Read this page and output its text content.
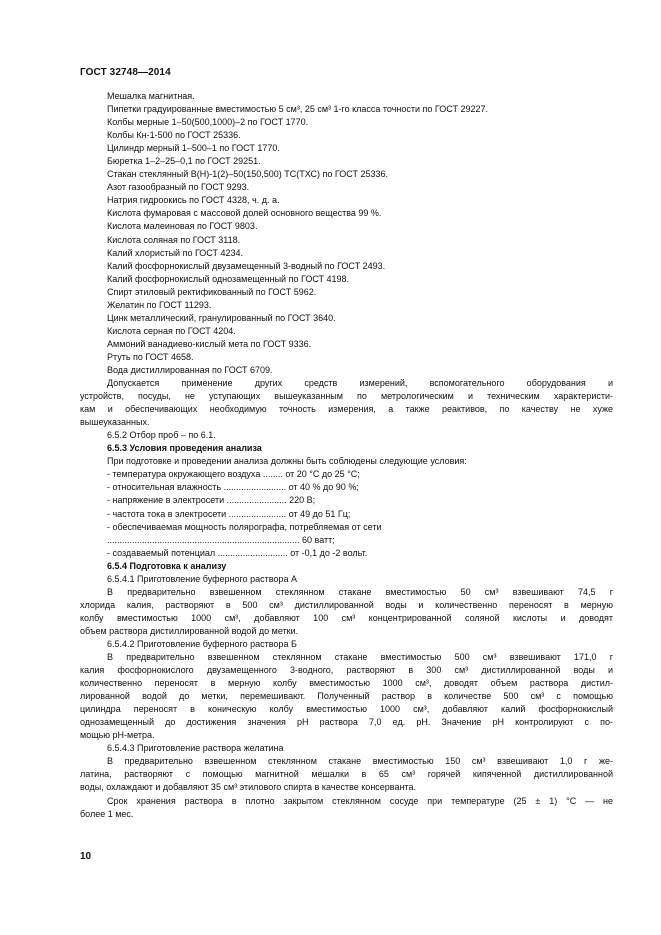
ГОСТ 32748—2014
Мешалка магнитная.
Пипетки градуированные вместимостью 5 см³, 25 см³ 1-го класса точности по ГОСТ 29227.
Колбы мерные 1–50(500,1000)–2 по ГОСТ 1770.
Колбы Кн-1-500 по ГОСТ 25336.
Цилиндр мерный 1–500–1 по ГОСТ 1770.
Бюретка 1–2–25–0,1 по ГОСТ 29251.
Стакан стеклянный В(Н)-1(2)–50(150,500) ТС(ТХС) по ГОСТ 25336.
Азот газообразный по ГОСТ 9293.
Натрия гидроокись по ГОСТ 4328, ч. д. а.
Кислота фумаровая с массовой долей основного вещества 99 %.
Кислота малеиновая по ГОСТ 9803.
Кислота соляная по ГОСТ 3118.
Калий хлористый по ГОСТ 4234.
Калий фосфорнокислый двузамещенный 3-водный по ГОСТ 2493.
Калий фосфорнокислый однозамещенный по ГОСТ 4198.
Спирт этиловый ректификованный по ГОСТ 5962.
Желатин по ГОСТ 11293.
Цинк металлический, гранулированный по ГОСТ 3640.
Кислота серная по ГОСТ 4204.
Аммоний ванадиево-кислый мета по ГОСТ 9336.
Ртуть по ГОСТ 4658.
Вода дистиллированная по ГОСТ 6709.
Допускается применение других средств измерений, вспомогательного оборудования и
устройств, посуды, не уступающих вышеуказанным по метрологическим и техническим характеристи-
кам и обеспечивающих необходимую точность измерения, а также реактивов, по качеству не хуже
вышеуказанных.
6.5.2 Отбор проб – по 6.1.
6.5.3 Условия проведения анализа
При подготовке и проведении анализа должны быть соблюдены следующие условия:
- температура окружающего воздуха ........ от 20 °С до 25 °С;
- относительная влажность ......................... от 40 % до 90 %;
- напряжение в электросети ........................ 220 В;
- частота тока в электросети ....................... от 49 до 51 Гц;
- обеспечиваемая мощность полярографа, потребляемая от сети
............................................................................. 60 ватт;
- создаваемый потенциал ............................ от -0,1 до -2 вольт.
6.5.4 Подготовка к анализу
6.5.4.1 Приготовление буферного раствора А
В предварительно взвешенном стеклянном стакане вместимостью 50 см³ взвешивают 74,5 г
хлорида калия, растворяют в 500 см³ дистиллированной воды и количественно переносят в мерную
колбу вместимостью 1000 см³, добавляют 100 см³ концентрированной соляной кислоты и доводят
объем раствора дистиллированной водой до метки.
6.5.4.2 Приготовление буферного раствора Б
В предварительно взвешенном стеклянном стакане вместимостью 500 см³ взвешивают 171,0 г
калия фосфорнокислого двузамещенного 3-водного, растворяют в 300 см³ дистиллированной воды и
количественно переносят в мерную колбу вместимостью 1000 см³, доводят объем раствора дистил-
лированной водой до метки, перемешивают. Полученный раствор в количестве 500 см³ с помощью
цилиндра переносят в коническую колбу вместимостью 1000 см³, добавляют калий фосфорнокислый
однозамещенный до достижения значения рН раствора 7,0 ед. рН. Значение рН контролируют с по-
мощью рН-метра.
6.5.4.3 Приготовление раствора желатина
В предварительно взвешенном стеклянном стакане вместимостью 150 см³ взвешивают 1,0 г же-
латина, растворяют с помощью магнитной мешалки в 65 см³ горячей кипяченной дистиллированной
воды, охлаждают и добавляют 35 см³ этилового спирта в качестве консерванта.
Срок хранения раствора в плотно закрытом стеклянном сосуде при температуре (25 ± 1) °С — не
более 1 мес.
10
